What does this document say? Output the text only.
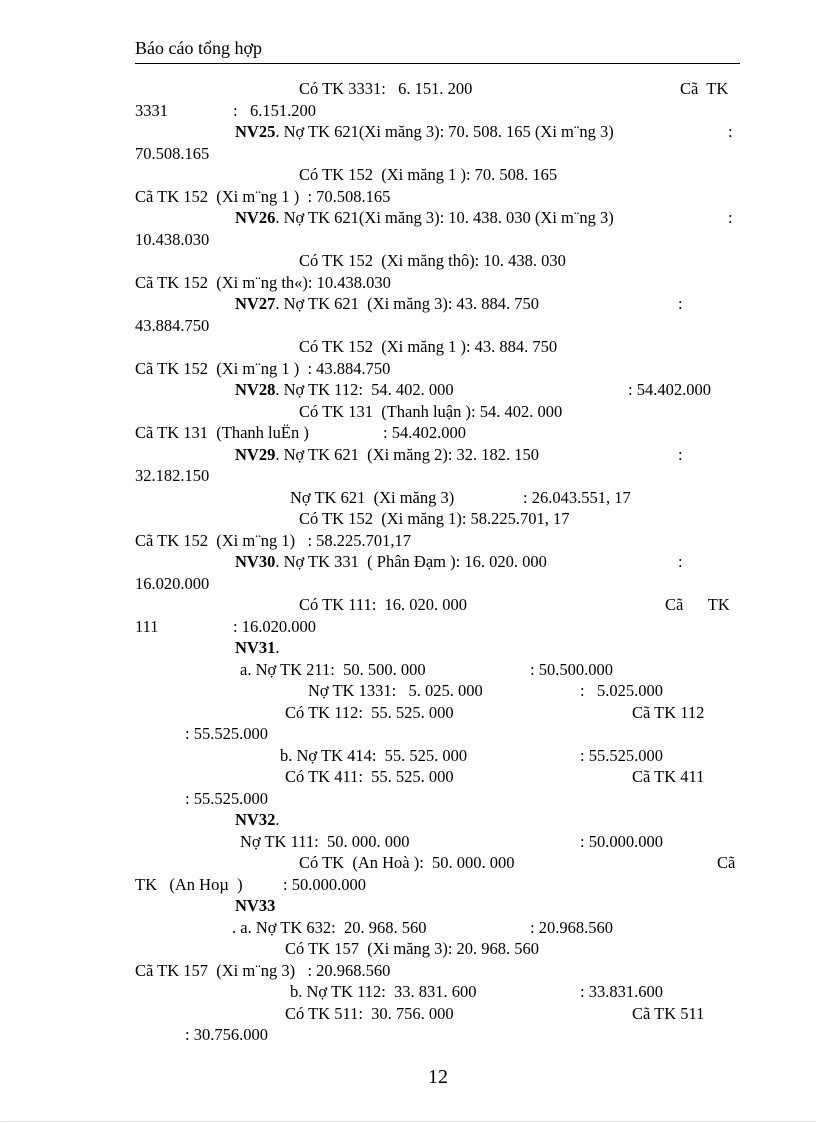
Báo cáo tổng hợp
Có TK 3331:   6. 151. 200	Cã  TK
3331	:   6.151.200
NV25. Nợ TK 621(Xi măng 3): 70. 508. 165 (Xi m¨ng 3)	:
70.508.165
Có TK 152  (Xi măng 1 ): 70. 508. 165
Cã TK 152  (Xi m¨ng 1 )  : 70.508.165
NV26. Nợ TK 621(Xi măng 3): 10. 438. 030 (Xi m¨ng 3)	:
10.438.030
Có TK 152  (Xi măng thô): 10. 438. 030
Cã TK 152  (Xi m¨ng th«): 10.438.030
NV27. Nợ TK 621  (Xi măng 3): 43. 884. 750	:
43.884.750
Có TK 152  (Xi măng 1 ): 43. 884. 750
Cã TK 152  (Xi m¨ng 1 )  : 43.884.750
NV28. Nợ TK 112:  54. 402. 000	: 54.402.000
Có TK 131  (Thanh luận ): 54. 402. 000
Cã TK 131  (Thanh luËn )	: 54.402.000
NV29. Nợ TK 621  (Xi măng 2): 32. 182. 150	:
32.182.150
Nợ TK 621  (Xi măng 3)	: 26.043.551, 17
Có TK 152  (Xi măng 1): 58.225.701, 17
Cã TK 152  (Xi m¨ng 1)   : 58.225.701,17
NV30. Nợ TK 331  ( Phân Đạm ): 16. 020. 000	:
16.020.000
Có TK 111:  16. 020. 000	Cã      TK
111	: 16.020.000
NV31.
a. Nợ TK 211:  50. 500. 000	: 50.500.000
Nợ TK 1331:   5. 025. 000	:   5.025.000
Có TK 112:  55. 525. 000	Cã TK 112
: 55.525.000
b. Nợ TK 414:  55. 525. 000	: 55.525.000
Có TK 411:  55. 525. 000	Cã TK 411
: 55.525.000
NV32.
Nợ TK 111:  50. 000. 000	: 50.000.000
Có TK  (An Hoà ):  50. 000. 000	Cã
TK   (An Hoµ  ) : 50.000.000
NV33
. a. Nợ TK 632:  20. 968. 560	: 20.968.560
Có TK 157  (Xi măng 3): 20. 968. 560
Cã TK 157  (Xi m¨ng 3)   : 20.968.560
b. Nợ TK 112:  33. 831. 600	: 33.831.600
Có TK 511:  30. 756. 000	Cã TK 511
: 30.756.000
12
